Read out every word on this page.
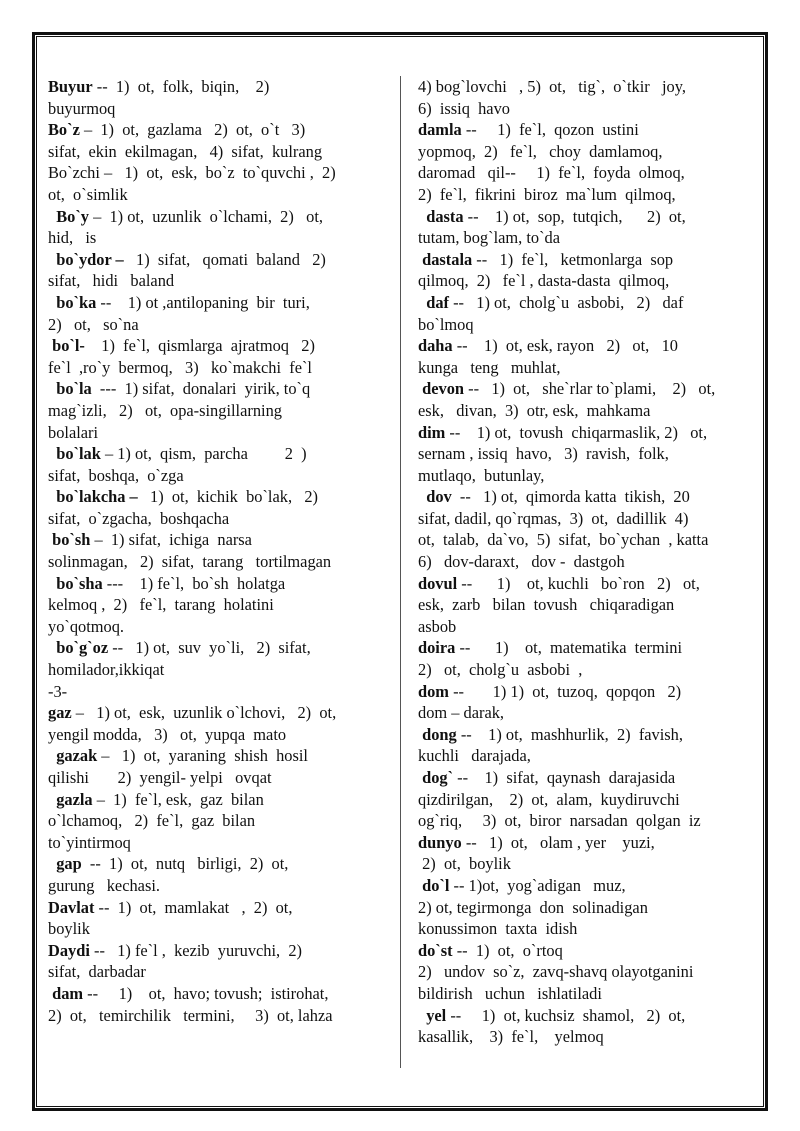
Buyur --  1)  ot,  folk,  biqin,    2)
buyurmoq

Bo`z –  1)  ot,  gazlama   2)  ot,  o`t   3)
sifat,  ekin  ekilmagan,   4)  sifat,  kulrang
Bo`zchi –   1)  ot,  esk,  bo`z  to`quvchi ,  2)
ot,  o`simlik

Bo`y –  1) ot,  uzunlik  o`lchami,  2)   ot,
hid,   is

bo`ydor –   1)  sifat,   qomati  baland   2)
sifat,   hidi   baland

bo`ka --    1) ot ,antilopaning  bir  turi,
2)   ot,   so`na

bo`l-    1)  fe`l,  qismlarga  ajratmoq   2)
fe`l  ,ro`y  bermoq,   3)   ko`makchi  fe`l

bo`la  ---  1) sifat,  donalari  yirik, to`q
mag`izli,   2)   ot,  opa-singillarning
bolalari

bo`lak – 1) ot,  qism,  parcha         2  )
sifat,  boshqa,  o`zga

bo`lakcha –   1)  ot,  kichik  bo`lak,   2)
sifat,  o`zgacha,  boshqacha

bo`sh –  1) sifat,  ichiga  narsa
solinmagan,   2)  sifat,  tarang   tortilmagan

bo`sha ---    1) fe`l,  bo`sh  holatga
kelmoq ,  2)   fe`l,  tarang  holatini
yo`qotmoq.

bo`g`oz --   1) ot,  suv  yo`li,   2)  sifat,
homilador,ikkiqat

-3-

gaz –   1) ot,  esk,  uzunlik o`lchovi,   2)  ot,
yengil modda,   3)   ot,  yupqa  mato

gazak –   1)  ot,  yaraning  shish  hosil
qilishi       2)  yengil- yelpi   ovqat

gazla –  1)  fe`l, esk,  gaz  bilan
o`lchamoq,   2)  fe`l,  gaz  bilan
to`yintirmoq

gap  --  1)  ot,  nutq   birligi,  2)  ot,
gurung   kechasi.

Davlat --  1)  ot,  mamlakat   ,  2)  ot,
boylik

Daydi --   1) fe`l ,  kezib  yuruvchi,  2)
sifat,  darbadar

dam --     1)    ot,  havo; tovush;  istirohat,
2)  ot,   temirchilik   termini,     3)  ot, lahza

4) bog`lovchi   , 5)  ot,   tig`,  o`tkir   joy,
6)  issiq  havo

damla --     1)  fe`l,  qozon  ustini
yopmoq,  2)   fe`l,   choy  damlamoq,
daromad   qil--     1)  fe`l,  foyda  olmoq,
2)  fe`l,  fikrini  biroz  ma`lum  qilmoq,

dasta --    1) ot,  sop,  tutqich,      2)  ot,
tutam, bog`lam, to`da

dastala --   1)  fe`l,   ketmonlarga  sop
qilmoq,  2)   fe`l , dasta-dasta  qilmoq,

daf --   1) ot,  cholg`u  asbobi,   2)   daf
bo`lmoq

daha --    1)  ot, esk, rayon   2)   ot,   10
kunga   teng   muhlat,

devon --   1)  ot,   she`rlar to`plami,    2)   ot,
esk,   divan,  3)  otr, esk,  mahkama

dim --    1) ot,  tovush  chiqarmaslik, 2)   ot,
sernam , issiq  havo,   3)  ravish,  folk,
mutlaqo,  butunlay,

dov  --   1) ot,  qimorda katta  tikish,  20
sifat, dadil, qo`rqmas,  3)  ot,  dadillik  4)
ot,  talab,  da`vo,  5)  sifat,  bo`ychan  , katta
6)   dov-daraxt,   dov -  dastgoh

dovul --      1)    ot, kuchli   bo`ron   2)   ot,
esk,  zarb   bilan  tovush   chiqaradigan
asbob

doira --      1)    ot,  matematika  termini
2)   ot,  cholg`u  asbobi  ,

dom --       1) 1)  ot,  tuzoq,  qopqon   2)
dom – darak,

dong --    1) ot,  mashhurlik,  2)  favish,
kuchli   darajada,

dog` --    1)  sifat,  qaynash  darajasida
qizdirilgan,    2)  ot,  alam,  kuydiruvchi
og`riq,     3)  ot,  biror  narsadan  qolgan  iz

dunyo --   1)  ot,   olam , yer    yuzi,
2)  ot,  boylik

do`l -- 1)ot,  yog`adigan   muz,
2) ot, tegirmonga  don  solinadigan
konussimon  taxta  idish

do`st --  1)  ot,  o`rtoq
2)   undov  so`z,  zavq-shavq olayotganini
bildirish   uchun   ishlatiladi

yel --     1)  ot, kuchsiz  shamol,   2)  ot,
kasallik,    3)  fe`l,    yelmoq
